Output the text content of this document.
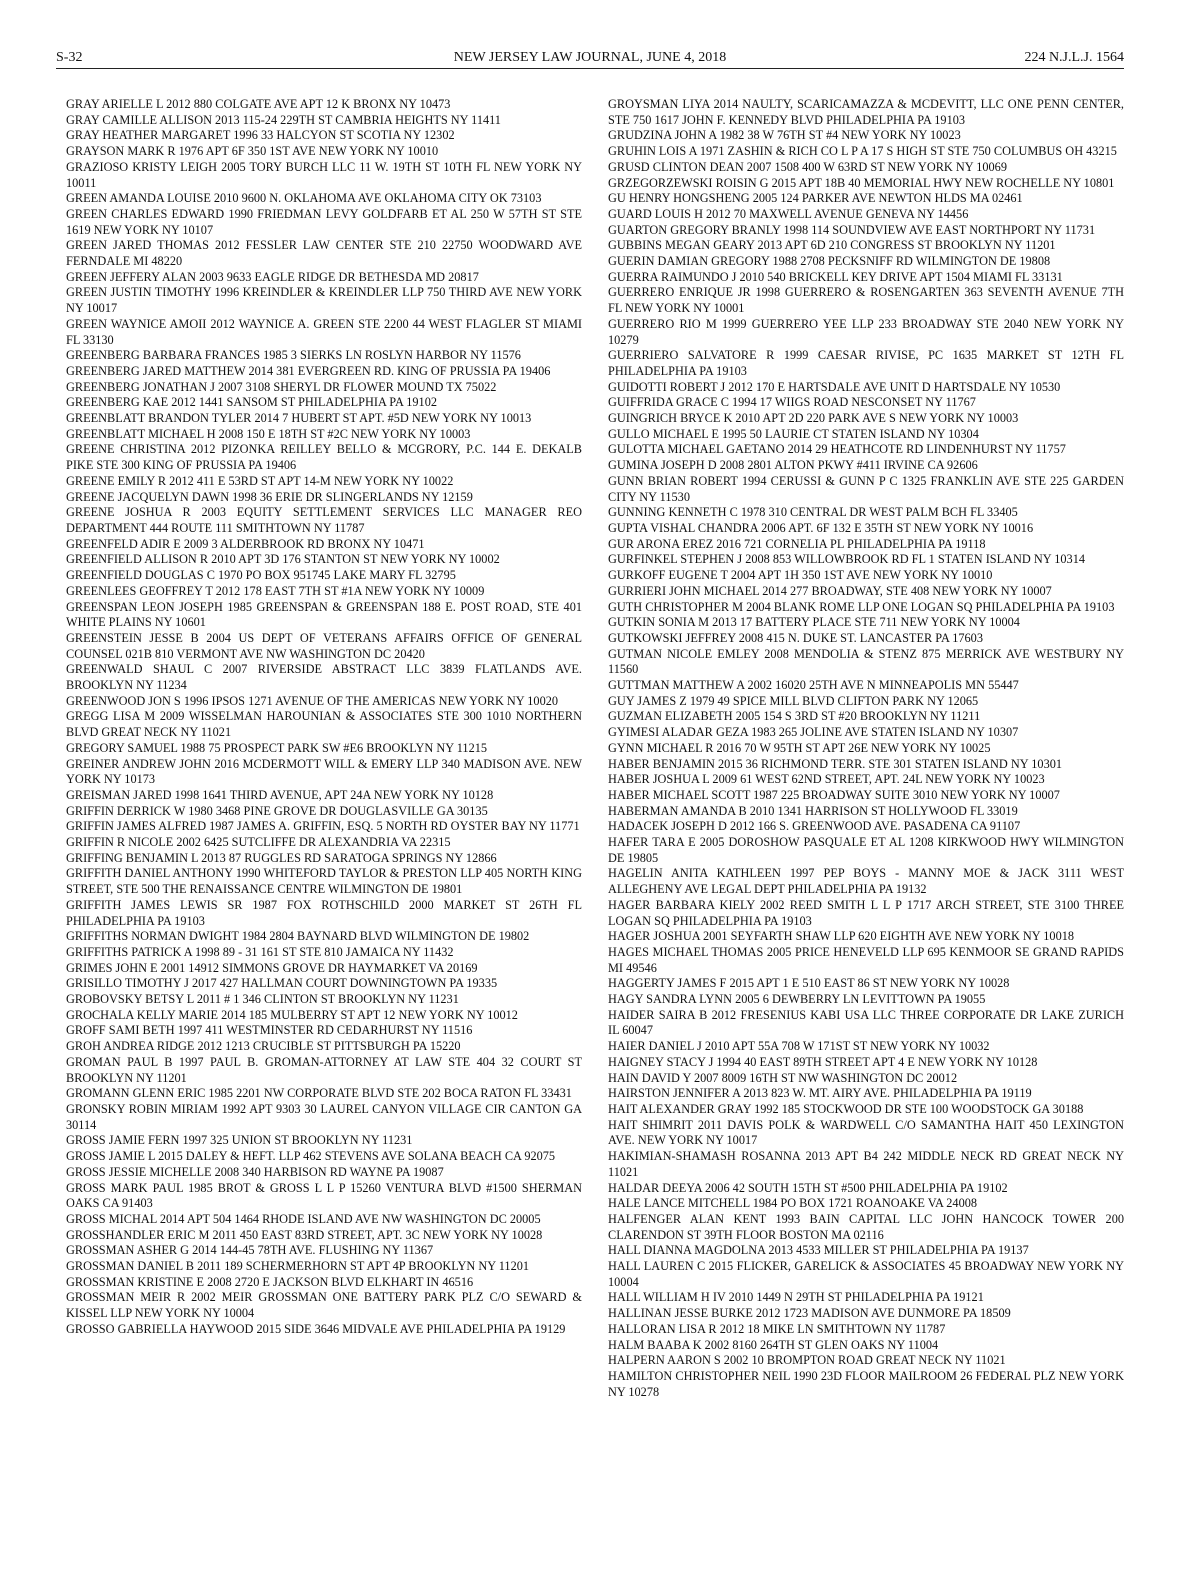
S-32	NEW JERSEY LAW JOURNAL, JUNE 4, 2018	224 N.J.L.J. 1564

GRAY ARIELLE L 2012 880 COLGATE AVE APT 12 K BRONX NY 10473

GRAY CAMILLE ALLISON 2013 115-24 229TH ST CAMBRIA HEIGHTS NY 11411

GRAY HEATHER MARGARET 1996 33 HALCYON ST SCOTIA NY 12302

GRAYSON MARK R 1976 APT 6F 350 1ST AVE NEW YORK NY 10010

GRAZIOSO KRISTY LEIGH 2005 TORY BURCH LLC 11 W. 19TH ST 10TH FL NEW YORK NY 10011

GREEN AMANDA LOUISE 2010 9600 N. OKLAHOMA AVE OKLAHOMA CITY OK 73103

GREEN CHARLES EDWARD 1990 FRIEDMAN LEVY GOLDFARB ET AL 250 W 57TH ST STE 1619 NEW YORK NY 10107

GREEN JARED THOMAS 2012 FESSLER LAW CENTER STE 210 22750 WOODWARD AVE FERNDALE MI 48220

GREEN JEFFERY ALAN 2003 9633 EAGLE RIDGE DR BETHESDA MD 20817

GREEN JUSTIN TIMOTHY 1996 KREINDLER & KREINDLER LLP 750 THIRD AVE NEW YORK NY 10017

GREEN WAYNICE AMOII 2012 WAYNICE A. GREEN STE 2200 44 WEST FLAGLER ST MIAMI FL 33130

GREENBERG BARBARA FRANCES 1985 3 SIERKS LN ROSLYN HARBOR NY 11576

GREENBERG JARED MATTHEW 2014 381 EVERGREEN RD. KING OF PRUSSIA PA 19406

GREENBERG JONATHAN J 2007 3108 SHERYL DR FLOWER MOUND TX 75022

GREENBERG KAE 2012 1441 SANSOM ST PHILADELPHIA PA 19102

GREENBLATT BRANDON TYLER 2014 7 HUBERT ST APT. #5D NEW YORK NY 10013

GREENBLATT MICHAEL H 2008 150 E 18TH ST #2C NEW YORK NY 10003

GREENE CHRISTINA 2012 PIZONKA REILLEY BELLO & MCGRORY, P.C. 144 E. DEKALB PIKE STE 300 KING OF PRUSSIA PA 19406

GREENE EMILY R 2012 411 E 53RD ST APT 14-M NEW YORK NY 10022

GREENE JACQUELYN DAWN 1998 36 ERIE DR SLINGERLANDS NY 12159

GREENE JOSHUA R 2003 EQUITY SETTLEMENT SERVICES LLC MANAGER REO DEPARTMENT 444 ROUTE 111 SMITHTOWN NY 11787

GREENFELD ADIR E 2009 3 ALDERBROOK RD BRONX NY 10471

GREENFIELD ALLISON R 2010 APT 3D 176 STANTON ST NEW YORK NY 10002

GREENFIELD DOUGLAS C 1970 PO BOX 951745 LAKE MARY FL 32795

GREENLEES GEOFFREY T 2012 178 EAST 7TH ST #1A NEW YORK NY 10009

GREENSPAN LEON JOSEPH 1985 GREENSPAN & GREENSPAN 188 E. POST ROAD, STE 401 WHITE PLAINS NY 10601

GREENSTEIN JESSE B 2004 US DEPT OF VETERANS AFFAIRS OFFICE OF GENERAL COUNSEL 021B 810 VERMONT AVE NW WASHINGTON DC 20420

GREENWALD SHAUL C 2007 RIVERSIDE ABSTRACT LLC 3839 FLATLANDS AVE. BROOKLYN NY 11234

GREENWOOD JON S 1996 IPSOS 1271 AVENUE OF THE AMERICAS NEW YORK NY 10020

GREGG LISA M 2009 WISSELMAN HAROUNIAN & ASSOCIATES STE 300 1010 NORTHERN BLVD GREAT NECK NY 11021

GREGORY SAMUEL 1988 75 PROSPECT PARK SW #E6 BROOKLYN NY 11215

GREINER ANDREW JOHN 2016 MCDERMOTT WILL & EMERY LLP 340 MADISON AVE. NEW YORK NY 10173

GREISMAN JARED 1998 1641 THIRD AVENUE, APT 24A NEW YORK NY 10128

GRIFFIN DERRICK W 1980 3468 PINE GROVE DR DOUGLASVILLE GA 30135

GRIFFIN JAMES ALFRED 1987 JAMES A. GRIFFIN, ESQ. 5 NORTH RD OYSTER BAY NY 11771

GRIFFIN R NICOLE 2002 6425 SUTCLIFFE DR ALEXANDRIA VA 22315

GRIFFING BENJAMIN L 2013 87 RUGGLES RD SARATOGA SPRINGS NY 12866

GRIFFITH DANIEL ANTHONY 1990 WHITEFORD TAYLOR & PRESTON LLP 405 NORTH KING STREET, STE 500 THE RENAISSANCE CENTRE WILMINGTON DE 19801

GRIFFITH JAMES LEWIS SR 1987 FOX ROTHSCHILD 2000 MARKET ST 26TH FL PHILADELPHIA PA 19103

GRIFFITHS NORMAN DWIGHT 1984 2804 BAYNARD BLVD WILMINGTON DE 19802

GRIFFITHS PATRICK A 1998 89 - 31 161 ST STE 810 JAMAICA NY 11432

GRIMES JOHN E 2001 14912 SIMMONS GROVE DR HAYMARKET VA 20169

GRISILLO TIMOTHY J 2017 427 HALLMAN COURT DOWNINGTOWN PA 19335

GROBOVSKY BETSY L 2011 # 1 346 CLINTON ST BROOKLYN NY 11231

GROCHALA KELLY MARIE 2014 185 MULBERRY ST APT 12 NEW YORK NY 10012

GROFF SAMI BETH 1997 411 WESTMINSTER RD CEDARHURST NY 11516

GROH ANDREA RIDGE 2012 1213 CRUCIBLE ST PITTSBURGH PA 15220

GROMAN PAUL B 1997 PAUL B. GROMAN-ATTORNEY AT LAW STE 404 32 COURT ST BROOKLYN NY 11201

GROMANN GLENN ERIC 1985 2201 NW CORPORATE BLVD STE 202 BOCA RATON FL 33431

GRONSKY ROBIN MIRIAM 1992 APT 9303 30 LAUREL CANYON VILLAGE CIR CANTON GA 30114

GROSS JAMIE FERN 1997 325 UNION ST BROOKLYN NY 11231

GROSS JAMIE L 2015 DALEY & HEFT. LLP 462 STEVENS AVE SOLANA BEACH CA 92075

GROSS JESSIE MICHELLE 2008 340 HARBISON RD WAYNE PA 19087

GROSS MARK PAUL 1985 BROT & GROSS L L P 15260 VENTURA BLVD #1500 SHERMAN OAKS CA 91403

GROSS MICHAL 2014 APT 504 1464 RHODE ISLAND AVE NW WASHINGTON DC 20005

GROSSHANDLER ERIC M 2011 450 EAST 83RD STREET, APT. 3C NEW YORK NY 10028

GROSSMAN ASHER G 2014 144-45 78TH AVE. FLUSHING NY 11367

GROSSMAN DANIEL B 2011 189 SCHERMERHORN ST APT 4P BROOKLYN NY 11201

GROSSMAN KRISTINE E 2008 2720 E JACKSON BLVD ELKHART IN 46516

GROSSMAN MEIR R 2002 MEIR GROSSMAN ONE BATTERY PARK PLZ C/O SEWARD & KISSEL LLP NEW YORK NY 10004

GROSSO GABRIELLA HAYWOOD 2015 SIDE 3646 MIDVALE AVE PHILADELPHIA PA 19129

GROYSMAN LIYA 2014 NAULTY, SCARICAMAZZA & MCDEVITT, LLC ONE PENN CENTER, STE 750 1617 JOHN F. KENNEDY BLVD PHILADELPHIA PA 19103

GRUDZINA JOHN A 1982 38 W 76TH ST #4 NEW YORK NY 10023

GRUHIN LOIS A 1971 ZASHIN & RICH CO L P A 17 S HIGH ST STE 750 COLUMBUS OH 43215

GRUSD CLINTON DEAN 2007 1508 400 W 63RD ST NEW YORK NY 10069

GRZEGORZEWSKI ROISIN G 2015 APT 18B 40 MEMORIAL HWY NEW ROCHELLE NY 10801

GU HENRY HONGSHENG 2005 124 PARKER AVE NEWTON HLDS MA 02461

GUARD LOUIS H 2012 70 MAXWELL AVENUE GENEVA NY 14456

GUARTON GREGORY BRANLY 1998 114 SOUNDVIEW AVE EAST NORTHPORT NY 11731

GUBBINS MEGAN GEARY 2013 APT 6D 210 CONGRESS ST BROOKLYN NY 11201

GUERIN DAMIAN GREGORY 1988 2708 PECKSNIFF RD WILMINGTON DE 19808

GUERRA RAIMUNDO J 2010 540 BRICKELL KEY DRIVE APT 1504 MIAMI FL 33131

GUERRERO ENRIQUE JR 1998 GUERRERO & ROSENGARTEN 363 SEVENTH AVENUE 7TH FL NEW YORK NY 10001

GUERRERO RIO M 1999 GUERRERO YEE LLP 233 BROADWAY STE 2040 NEW YORK NY 10279

GUERRIERO SALVATORE R 1999 CAESAR RIVISE, PC 1635 MARKET ST 12TH FL PHILADELPHIA PA 19103

GUIDOTTI ROBERT J 2012 170 E HARTSDALE AVE UNIT D HARTSDALE NY 10530

GUIFFRIDA GRACE C 1994 17 WIIGS ROAD NESCONSET NY 11767

GUINGRICH BRYCE K 2010 APT 2D 220 PARK AVE S NEW YORK NY 10003

GULLO MICHAEL E 1995 50 LAURIE CT STATEN ISLAND NY 10304

GULOTTA MICHAEL GAETANO 2014 29 HEATHCOTE RD LINDENHURST NY 11757

GUMINA JOSEPH D 2008 2801 ALTON PKWY #411 IRVINE CA 92606

GUNN BRIAN ROBERT 1994 CERUSSI & GUNN P C 1325 FRANKLIN AVE STE 225 GARDEN CITY NY 11530

GUNNING KENNETH C 1978 310 CENTRAL DR WEST PALM BCH FL 33405

GUPTA VISHAL CHANDRA 2006 APT. 6F 132 E 35TH ST NEW YORK NY 10016

GUR ARONA EREZ 2016 721 CORNELIA PL PHILADELPHIA PA 19118

GURFINKEL STEPHEN J 2008 853 WILLOWBROOK RD FL 1 STATEN ISLAND NY 10314

GURKOFF EUGENE T 2004 APT 1H 350 1ST AVE NEW YORK NY 10010

GURRIERI JOHN MICHAEL 2014 277 BROADWAY, STE 408 NEW YORK NY 10007

GUTH CHRISTOPHER M 2004 BLANK ROME LLP ONE LOGAN SQ PHILADELPHIA PA 19103

GUTKIN SONIA M 2013 17 BATTERY PLACE STE 711 NEW YORK NY 10004

GUTKOWSKI JEFFREY 2008 415 N. DUKE ST. LANCASTER PA 17603

GUTMAN NICOLE EMLEY 2008 MENDOLIA & STENZ 875 MERRICK AVE WESTBURY NY 11560

GUTTMAN MATTHEW A 2002 16020 25TH AVE N MINNEAPOLIS MN 55447

GUY JAMES Z 1979 49 SPICE MILL BLVD CLIFTON PARK NY 12065

GUZMAN ELIZABETH 2005 154 S 3RD ST #20 BROOKLYN NY 11211

GYIMESI ALADAR GEZA 1983 265 JOLINE AVE STATEN ISLAND NY 10307

GYNN MICHAEL R 2016 70 W 95TH ST APT 26E NEW YORK NY 10025

HABER BENJAMIN 2015 36 RICHMOND TERR. STE 301 STATEN ISLAND NY 10301

HABER JOSHUA L 2009 61 WEST 62ND STREET, APT. 24L NEW YORK NY 10023

HABER MICHAEL SCOTT 1987 225 BROADWAY SUITE 3010 NEW YORK NY 10007

HABERMAN AMANDA B 2010 1341 HARRISON ST HOLLYWOOD FL 33019

HADACEK JOSEPH D 2012 166 S. GREENWOOD AVE. PASADENA CA 91107

HAFER TARA E 2005 DOROSHOW PASQUALE ET AL 1208 KIRKWOOD HWY WILMINGTON DE 19805

HAGELIN ANITA KATHLEEN 1997 PEP BOYS - MANNY MOE & JACK 3111 WEST ALLEGHENY AVE LEGAL DEPT PHILADELPHIA PA 19132

HAGER BARBARA KIELY 2002 REED SMITH L L P 1717 ARCH STREET, STE 3100 THREE LOGAN SQ PHILADELPHIA PA 19103

HAGER JOSHUA 2001 SEYFARTH SHAW LLP 620 EIGHTH AVE NEW YORK NY 10018

HAGES MICHAEL THOMAS 2005 PRICE HENEVELD LLP 695 KENMOOR SE GRAND RAPIDS MI 49546

HAGGERTY JAMES F 2015 APT 1 E 510 EAST 86 ST NEW YORK NY 10028

HAGY SANDRA LYNN 2005 6 DEWBERRY LN LEVITTOWN PA 19055

HAIDER SAIRA B 2012 FRESENIUS KABI USA LLC THREE CORPORATE DR LAKE ZURICH IL 60047

HAIER DANIEL J 2010 APT 55A 708 W 171ST ST NEW YORK NY 10032

HAIGNEY STACY J 1994 40 EAST 89TH STREET APT 4 E NEW YORK NY 10128

HAIN DAVID Y 2007 8009 16TH ST NW WASHINGTON DC 20012

HAIRSTON JENNIFER A 2013 823 W. MT. AIRY AVE. PHILADELPHIA PA 19119

HAIT ALEXANDER GRAY 1992 185 STOCKWOOD DR STE 100 WOODSTOCK GA 30188

HAIT SHIMRIT 2011 DAVIS POLK & WARDWELL C/O SAMANTHA HAIT 450 LEXINGTON AVE. NEW YORK NY 10017

HAKIMIAN-SHAMASH ROSANNA 2013 APT B4 242 MIDDLE NECK RD GREAT NECK NY 11021

HALDAR DEEYA 2006 42 SOUTH 15TH ST #500 PHILADELPHIA PA 19102

HALE LANCE MITCHELL 1984 PO BOX 1721 ROANOAKE VA 24008

HALFENGER ALAN KENT 1993 BAIN CAPITAL LLC JOHN HANCOCK TOWER 200 CLARENDON ST 39TH FLOOR BOSTON MA 02116

HALL DIANNA MAGDOLNA 2013 4533 MILLER ST PHILADELPHIA PA 19137

HALL LAUREN C 2015 FLICKER, GARELICK & ASSOCIATES 45 BROADWAY NEW YORK NY 10004

HALL WILLIAM H IV 2010 1449 N 29TH ST PHILADELPHIA PA 19121

HALLINAN JESSE BURKE 2012 1723 MADISON AVE DUNMORE PA 18509

HALLORAN LISA R 2012 18 MIKE LN SMITHTOWN NY 11787

HALM BAABA K 2002 8160 264TH ST GLEN OAKS NY 11004

HALPERN AARON S 2002 10 BROMPTON ROAD GREAT NECK NY 11021

HAMILTON CHRISTOPHER NEIL 1990 23D FLOOR MAILROOM 26 FEDERAL PLZ NEW YORK NY 10278
